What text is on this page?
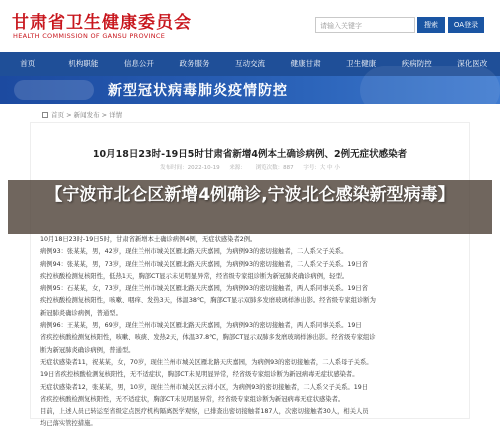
甘肃省卫生健康委员会
HEALTH COMMISSION OF GANSU PROVINCE
请输入关键字	搜索	OA登录
首页	机构职能	信息公开	政务服务	互动交流	健康甘肃	卫生健康	疾病防控	深化医改
新型冠状病毒肺炎疫情防控
首页 > 新闻发布 > 详情
10月18日23时-19日5时甘肃省新增4例本土确诊病例、2例无症状感染者
发布时间：2022-10-19 来源： 浏览次数：887 字号：大 中 小

10月18日23时-19日5时，甘肃省新增本土确诊病例4例，无症状感染者2例。

病例93：张某某，男，42岁，现住兰州市城关区雁北路天庆嘉园，为病例93的密切接触者，二人系父子关系。

病例94：张某某，男，73岁，现住兰州市城关区雁北路天庆嘉园，为病例93的密切接触者，二人系父子关系。19日省

疾控核酸检测复核阳性，低热1天，胸部CT显示未见明显异常，经省级专家组诊断为新冠肺炎确诊病例，轻型。

病例95：石某某，女，73岁，现住兰州市城关区雁北路天庆嘉园，为病例93的密切接触者，两人系同事关系。19日省

疾控核酸检测复核阳性，咳嗽、咽痒、发热3天，体温38℃，胸部CT显示双肺多发磨玻璃样渗出影。经省级专家组诊断为

新冠肺炎确诊病例，普通型。

病例96：王某某，男，69岁，现住兰州市城关区雁北路天庆嘉园，为病例93的密切接触者，两人系同事关系。19日

省疾控核酸检测复核阳性，咳嗽、咳痰、发热2天，体温37.8℃，胸部CT显示双肺多发磨玻璃样渗出影。经省级专家组诊

断为新冠肺炎确诊病例，普通型。

无症状感染者11，祝某某，女，70岁，现住兰州市城关区雁北路天庆嘉园，为病例93的密切接触者，二人系母子关系。

19日省疾控核酸检测复核阳性，无不适症状，胸部CT未见明显异常，经省级专家组诊断为新冠病毒无症状感染者。

无症状感染者12，张某某，男，10岁，现住兰州市城关区云祥小区，为病例93的密切接触者，二人系父子关系。19日

省疾控核酸检测复核阳性，无不适症状，胸部CT未见明显异常，经省级专家组诊断为新冠病毒无症状感染者。

目前，上述人员已转运至省级定点医疗机构隔离医学观察，已排查出密切接触者187人，次密切接触者30人，相关人员

均已落实管控措施。

【宁波市北仑区新增4例确诊,宁波北仑感染新型病毒】
